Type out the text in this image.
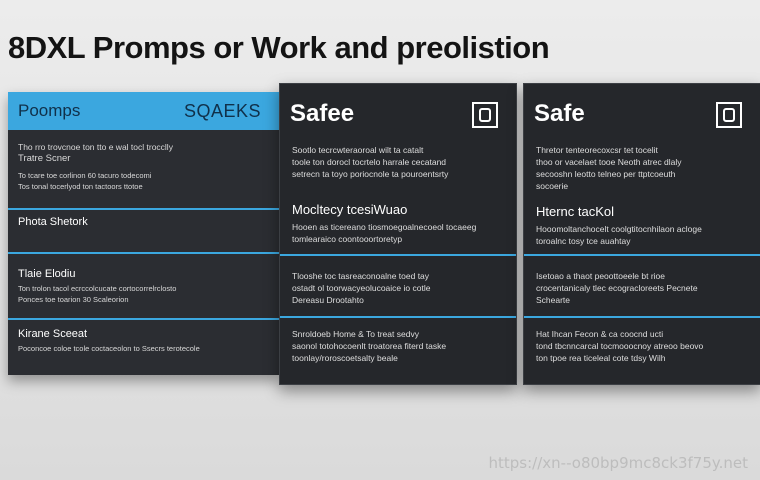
8DXL Promps or Work and preolistion
Poomps	SQAEKS
Tho rro trovcnoe ton tto e wal tocl trocclly
Tratre Scner
To tcare toe corlinon 60 tacuro todecomi
Tos tonal tocerlyod ton tactoors ttotoe
Phota Shetork
Tlaie Elodiu
Ton trolon tacol ecrccolcucate cortocorrelrclosto
Ponces toe toarion 30 Scaleorion
Kirane Sceeat
Poconcoe coloe tcole coctaceolon to Ssecrs terotecole
Safee
Sootlo tecrcwteraoroal wilt ta catalt
toole ton dorocl tocrtelo harrale cecatand
setrecn ta toyo poriocnole ta pouroentsrty
Mocltecy tcesiWuao
Hooen as ticereano tiosmoegoalnecoeol tocaeeg
tomlearaico coontooortoretyp
Tlooshe toc tasreaconoalne toed tay
ostadt ol toorwacyeolucoaice io cotle
Dereasu Drootahto
Snroldoeb Home & To treat sedvy
saonol totohocoenlt troatorea fiterd taske
toonlay/roroscoetsalty beale
Safe
Thretor tenteorecoxcsr tet tocelit
thoo or vacelaet tooe Neoth atrec dlaly
secooshn leotto telneo per ttptcoeuth
socoerie
Hternc tacKol
Hooomoltanchocelt coolgtitocnhilaon acloge
toroalnc tosy tce auahtay
Isetoao a thaot peoottoeele bt rioe
crocentanicaly tlec ecogracloreets Pecnete
Schearte
Hat Ihcan Fecon & ca coocnd ucti
tond tbcnncarcal tocmooocnoy atreoo beovo
ton tpoe rea ticeleal cote tdsy Wilh
https://xn--o80bp9mc8ck3f75y.net
